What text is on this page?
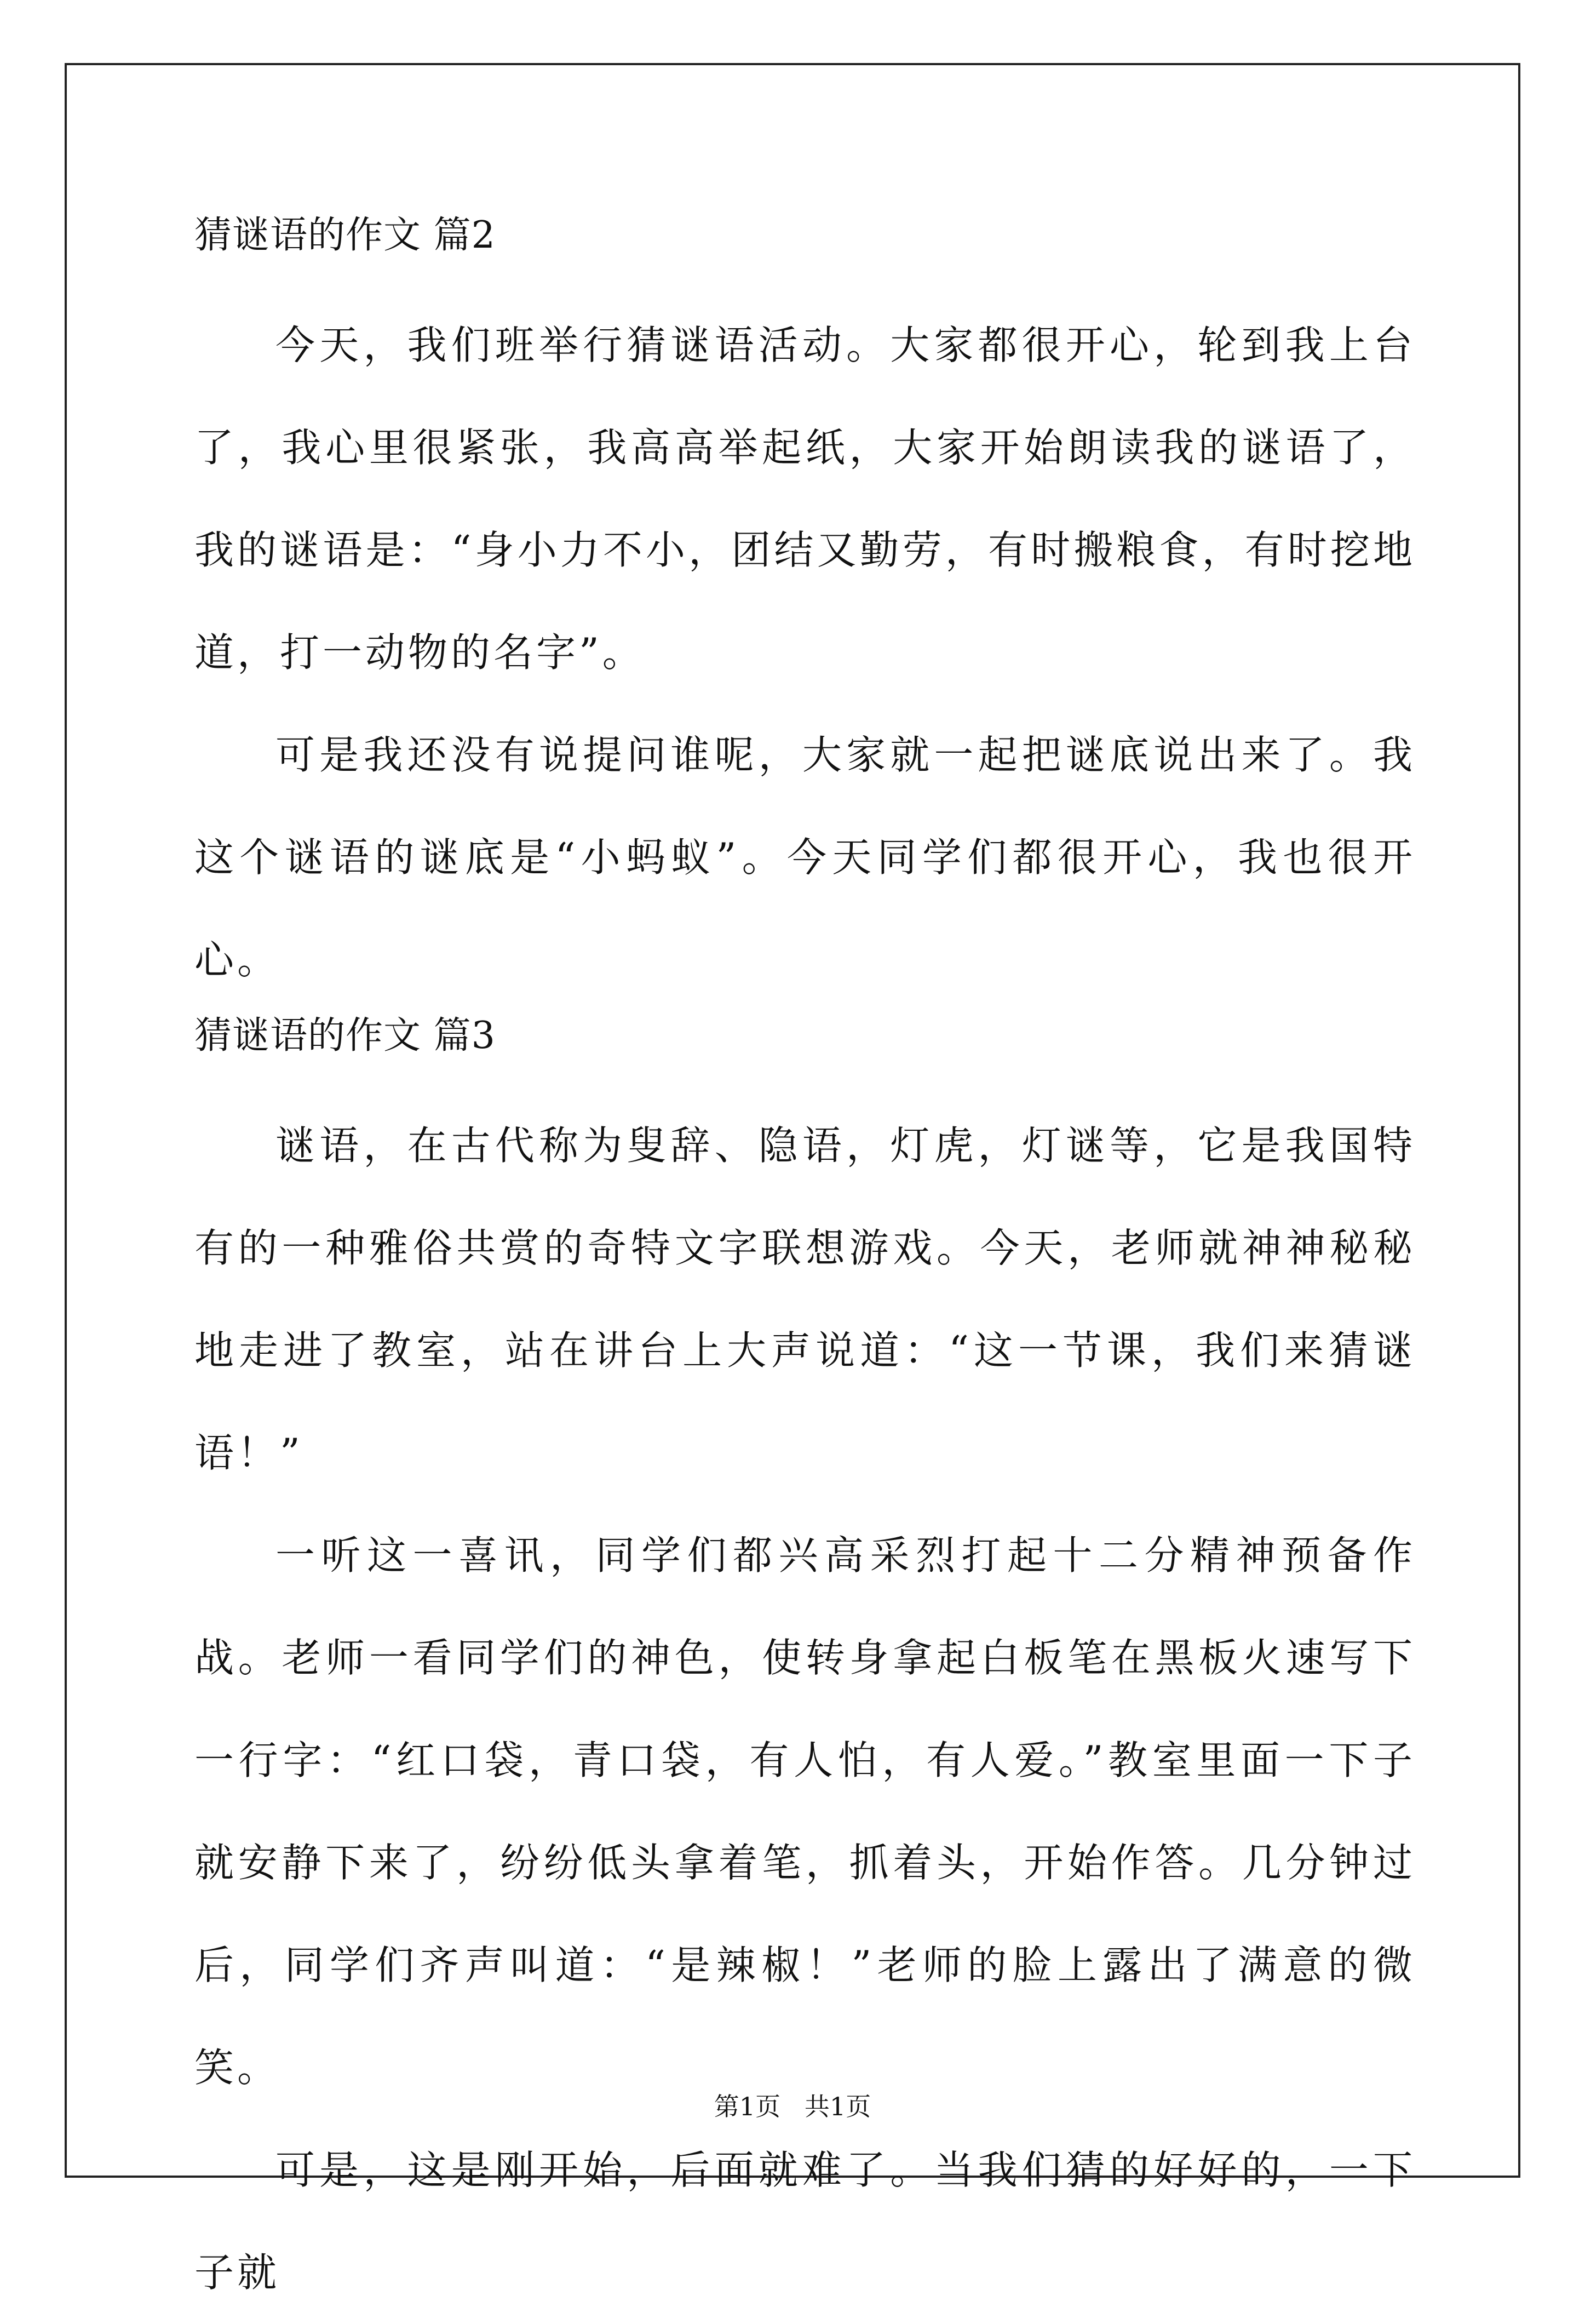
猜谜语的作文 篇2

今天，我们班举行猜谜语活动。大家都很开心，轮到我上台了，我心里很紧张，我高高举起纸，大家开始朗读我的谜语了，我的谜语是：“身小力不小，团结又勤劳，有时搬粮食，有时挖地道，打一动物的名字”。

可是我还没有说提问谁呢，大家就一起把谜底说出来了。我这个谜语的谜底是“小蚂蚁”。今天同学们都很开心，我也很开心。

猜谜语的作文 篇3

谜语，在古代称为叟辞、隐语，灯虎，灯谜等，它是我国特有的一种雅俗共赏的奇特文字联想游戏。今天，老师就神神秘秘地走进了教室，站在讲台上大声说道：“这一节课，我们来猜谜语！”

一听这一喜讯，同学们都兴高采烈打起十二分精神预备作战。老师一看同学们的神色，使转身拿起白板笔在黑板火速写下一行字：“红口袋，青口袋，有人怕，有人爱。”教室里面一下子就安静下来了，纷纷低头拿着笔，抓着头，开始作答。几分钟过后，同学们齐声叫道：“是辣椒！”老师的脸上露出了满意的微笑。

可是，这是刚开始，后面就难了。当我们猜的好好的，一下子就

第1页   共1页
